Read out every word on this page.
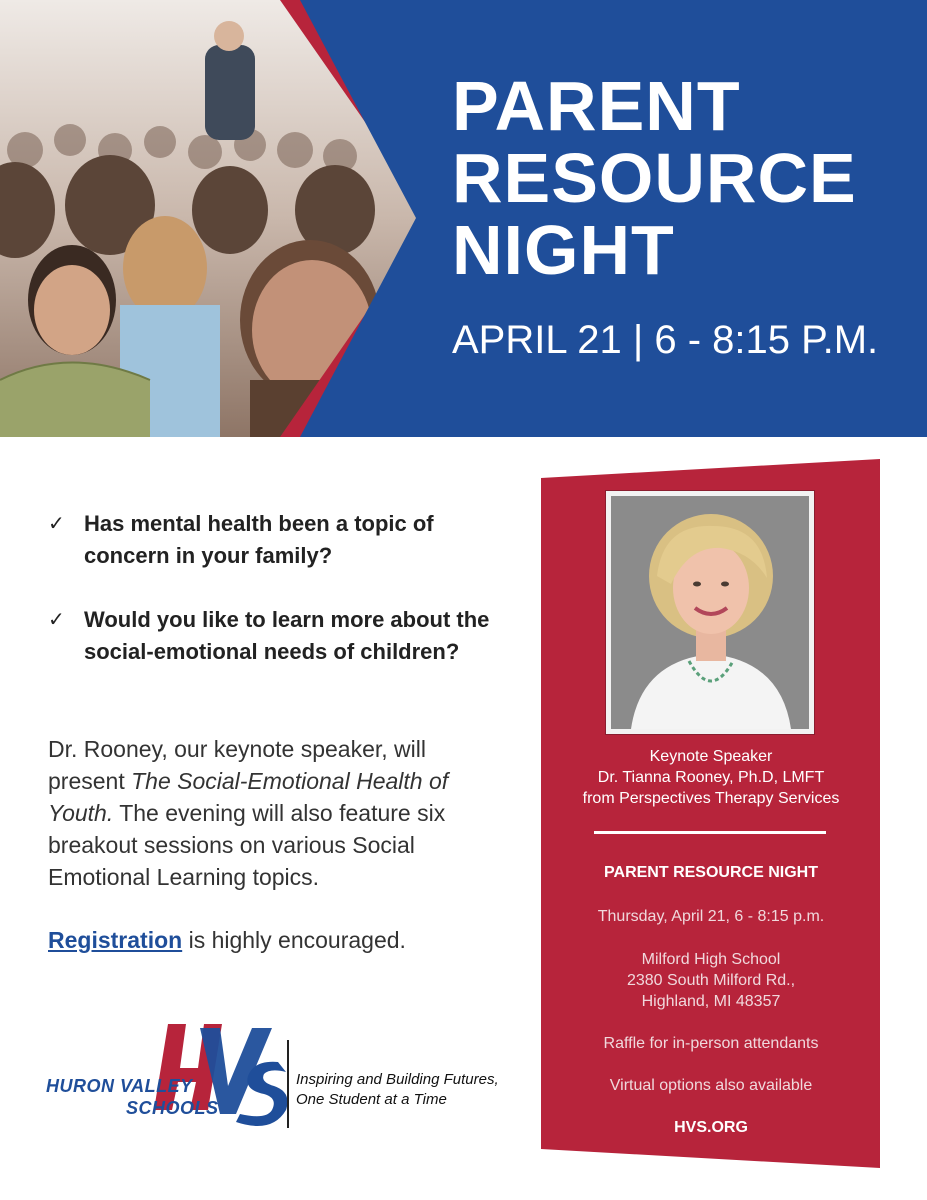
PARENT
RESOURCE
NIGHT
APRIL 21 | 6 - 8:15 P.M.
✓ Has mental health been a topic of concern in your family?
✓ Would you like to learn more about the social-emotional needs of children?
Dr. Rooney, our keynote speaker, will present The Social-Emotional Health of Youth. The evening will also feature six breakout sessions on various Social Emotional Learning topics.
Registration is highly encouraged.
HURON VALLEY
SCHOOLS
Inspiring and Building Futures,
One Student at a Time
Keynote Speaker
Dr. Tianna Rooney, Ph.D, LMFT
from Perspectives Therapy Services
PARENT RESOURCE NIGHT
Thursday, April 21, 6 - 8:15 p.m.
Milford High School
2380 South Milford Rd.,
Highland, MI 48357
Raffle for in-person attendants
Virtual options also available
HVS.ORG
